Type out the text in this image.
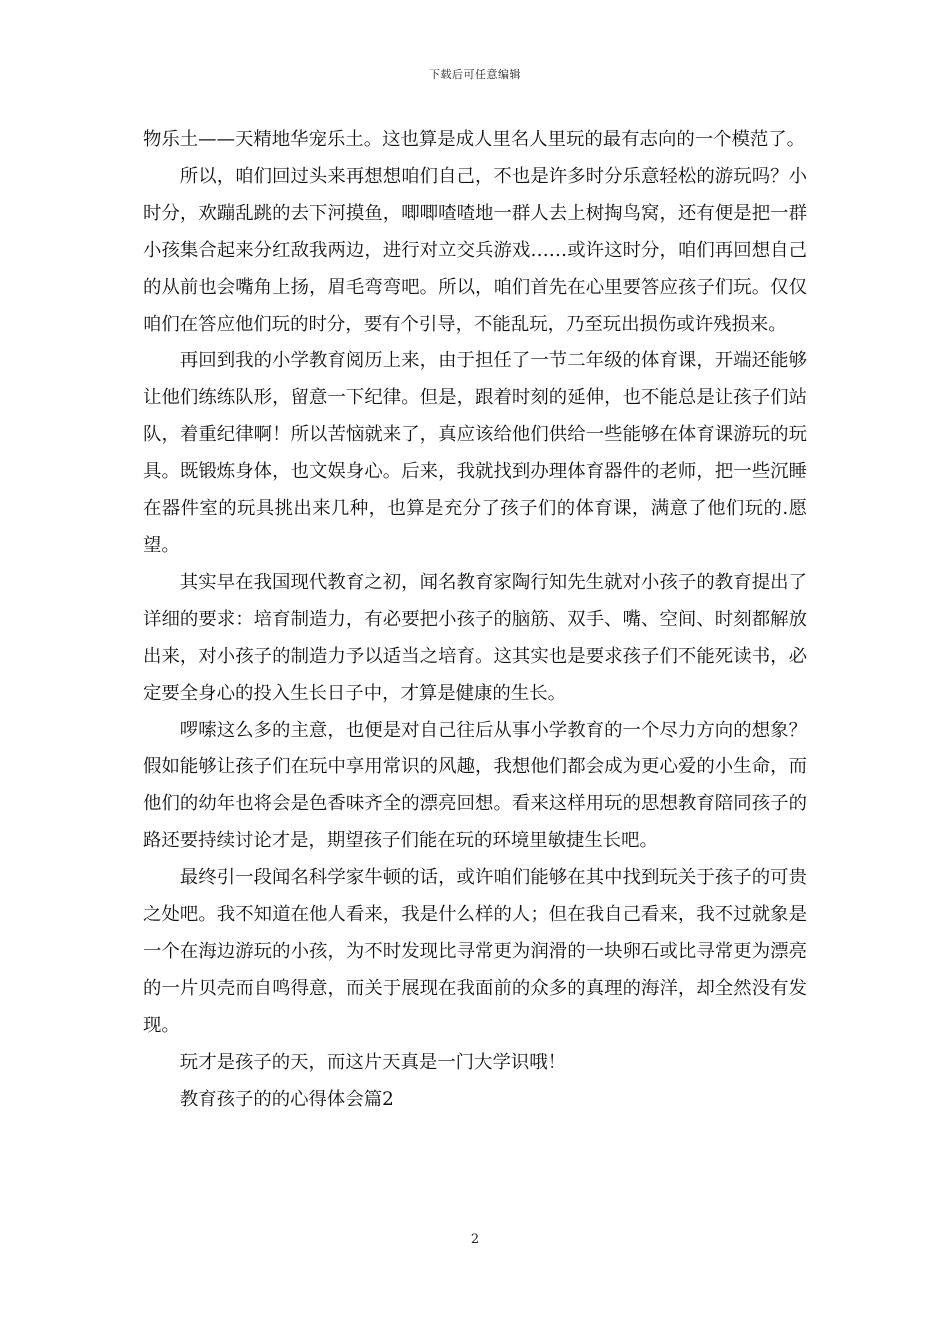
下载后可任意编辑

物乐土——天精地华宠乐土。这也算是成人里名人里玩的最有志向的一个模范了。

所以，咱们回过头来再想想咱们自己，不也是许多时分乐意轻松的游玩吗？小时分，欢蹦乱跳的去下河摸鱼，唧唧喳喳地一群人去上树掏鸟窝，还有便是把一群小孩集合起来分红敌我两边，进行对立交兵游戏……或许这时分，咱们再回想自己的从前也会嘴角上扬，眉毛弯弯吧。所以，咱们首先在心里要答应孩子们玩。仅仅咱们在答应他们玩的时分，要有个引导，不能乱玩，乃至玩出损伤或许残损来。

再回到我的小学教育阅历上来，由于担任了一节二年级的体育课，开端还能够让他们练练队形，留意一下纪律。但是，跟着时刻的延伸，也不能总是让孩子们站队，着重纪律啊！所以苦恼就来了，真应该给他们供给一些能够在体育课游玩的玩具。既锻炼身体，也文娱身心。后来，我就找到办理体育器件的老师，把一些沉睡在器件室的玩具挑出来几种，也算是充分了孩子们的体育课，满意了他们玩的.愿望。

其实早在我国现代教育之初，闻名教育家陶行知先生就对小孩子的教育提出了详细的要求：培育制造力，有必要把小孩子的脑筋、双手、嘴、空间、时刻都解放出来，对小孩子的制造力予以适当之培育。这其实也是要求孩子们不能死读书，必定要全身心的投入生长日子中，才算是健康的生长。

啰嗦这么多的主意，也便是对自己往后从事小学教育的一个尽力方向的想象？假如能够让孩子们在玩中享用常识的风趣，我想他们都会成为更心爱的小生命，而他们的幼年也将会是色香味齐全的漂亮回想。看来这样用玩的思想教育陪同孩子的路还要持续讨论才是，期望孩子们能在玩的环境里敏捷生长吧。

最终引一段闻名科学家牛顿的话，或许咱们能够在其中找到玩关于孩子的可贵之处吧。我不知道在他人看来，我是什么样的人；但在我自己看来，我不过就象是一个在海边游玩的小孩，为不时发现比寻常更为润滑的一块卵石或比寻常更为漂亮的一片贝壳而自鸣得意，而关于展现在我面前的众多的真理的海洋，却全然没有发现。

玩才是孩子的天，而这片天真是一门大学识哦！

教育孩子的的心得体会篇2

2
